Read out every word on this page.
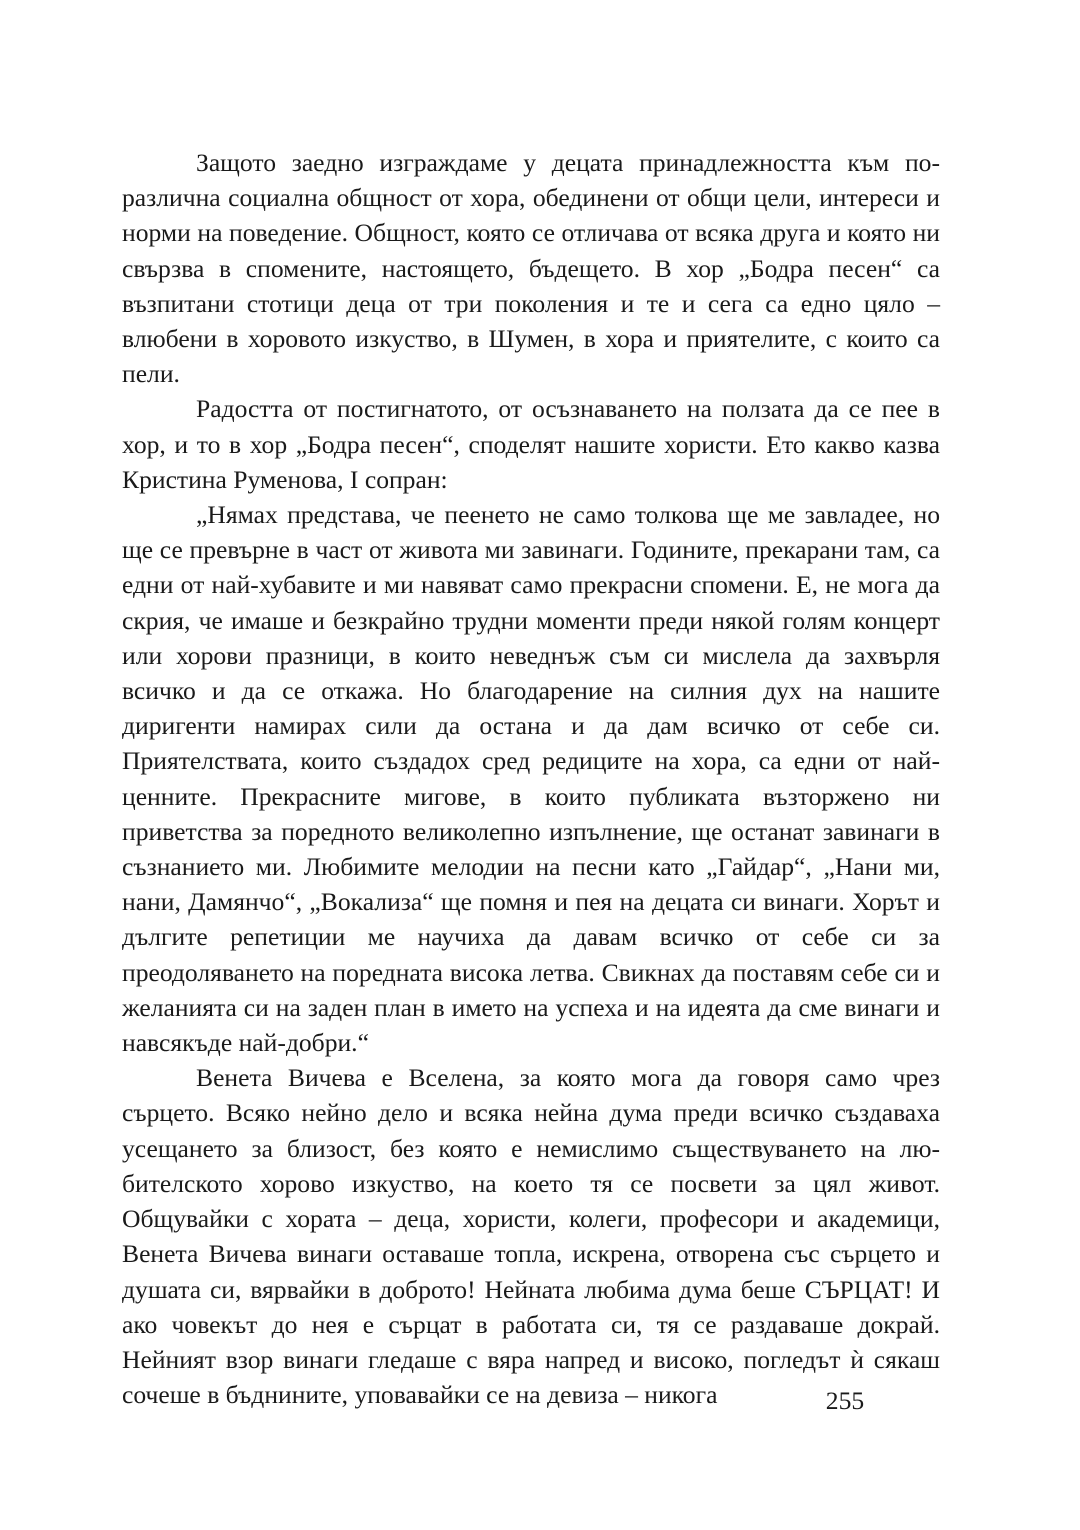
Защото заедно изграждаме у децата принадлежността към поразлична социална общност от хора, обединени от общи цели, интереси и норми на поведение. Общност, която се отличава от всяка друга и която ни свързва в спомените, настоящето, бъдещето. В хор „Бодра песен“ са възпитани стотици деца от три поколения и те и сега са едно цяло – влюбени в хоровото изкуство, в Шумен, в хора и приятелите, с които са пели.

Радостта от постигнатото, от осъзнаването на ползата да се пее в хор, и то в хор „Бодра песен“, споделят нашите хористи. Ето какво казва Кристина Руменова, I сопран:

„Нямах представа, че пеенето не само толкова ще ме завладее, но ще се превърне в част от живота ми завинаги. Годините, прекарани там, са едни от най-хубавите и ми навяват само прекрасни спомени. Е, не мога да скрия, че имаше и безкрайно трудни моменти преди някой голям концерт или хорови празници, в които неведнъж съм си мислела да захвърля всичко и да се откажа. Но благодарение на силния дух на нашите диригенти намирах сили да остана и да дам всичко от себе си. Приятелствата, които създадох сред редиците на хора, са едни от най-ценните. Прекрасните мигове, в които публиката възторжено ни приветства за поредното великолепно изпълнение, ще останат завинаги в съзнанието ми. Любимите мелодии на песни като „Гайдар“, „Нани ми, нани, Дамянчо“, „Вокализа“ ще помня и пея на децата си винаги. Хорът и дългите репетиции ме научиха да давам всичко от себе си за преодоляването на поредната висока летва. Свикнах да поставям себе си и желанията си на заден план в името на успеха и на идеята да сме винаги и навсякъде най-добри.“

Венета Вичева е Вселена, за която мога да говоря само чрез сърцето. Всяко нейно дело и всяка нейна дума преди всичко създаваха усещането за близост, без която е немислимо съществуването на любителското хорово изкуство, на което тя се посвети за цял живот. Общувайки с хората – деца, хористи, колеги, професори и академици, Венета Вичева винаги оставаше топла, искрена, отворена със сърцето и душата си, вярвайки в доброто! Нейната любима дума беше СЪРЦАТ! И ако човекът до нея е сърцат в работата си, тя се раздаваше докрай. Нейният взор винаги гледаше с вяра напред и високо, погледът ѝ сякаш сочеше в бъднините, уповавайки се на девиза – никога	255
